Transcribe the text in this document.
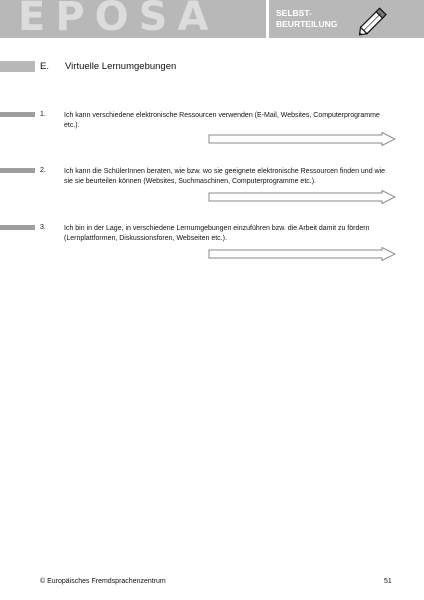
EPOSA	SELBST-
BEURTEILUNG
E. Virtuelle Lernumgebungen
1.	Ich kann verschiedene elektronische Ressourcen verwenden (E-Mail, Websites, Computerprogramme etc.).
2.	Ich kann die SchülerInnen beraten, wie bzw. wo sie geeignete elektronische Ressourcen finden und wie sie sie beurteilen können (Websites, Suchmaschinen, Computerprogramme etc.).
3.	Ich bin in der Lage, in verschiedene Lernumgebungen einzuführen bzw. die Arbeit damit zu fördern (Lernplattformen, Diskussionsforen, Webseiten etc.).
© Europäisches Fremdsprachenzentrum	51
